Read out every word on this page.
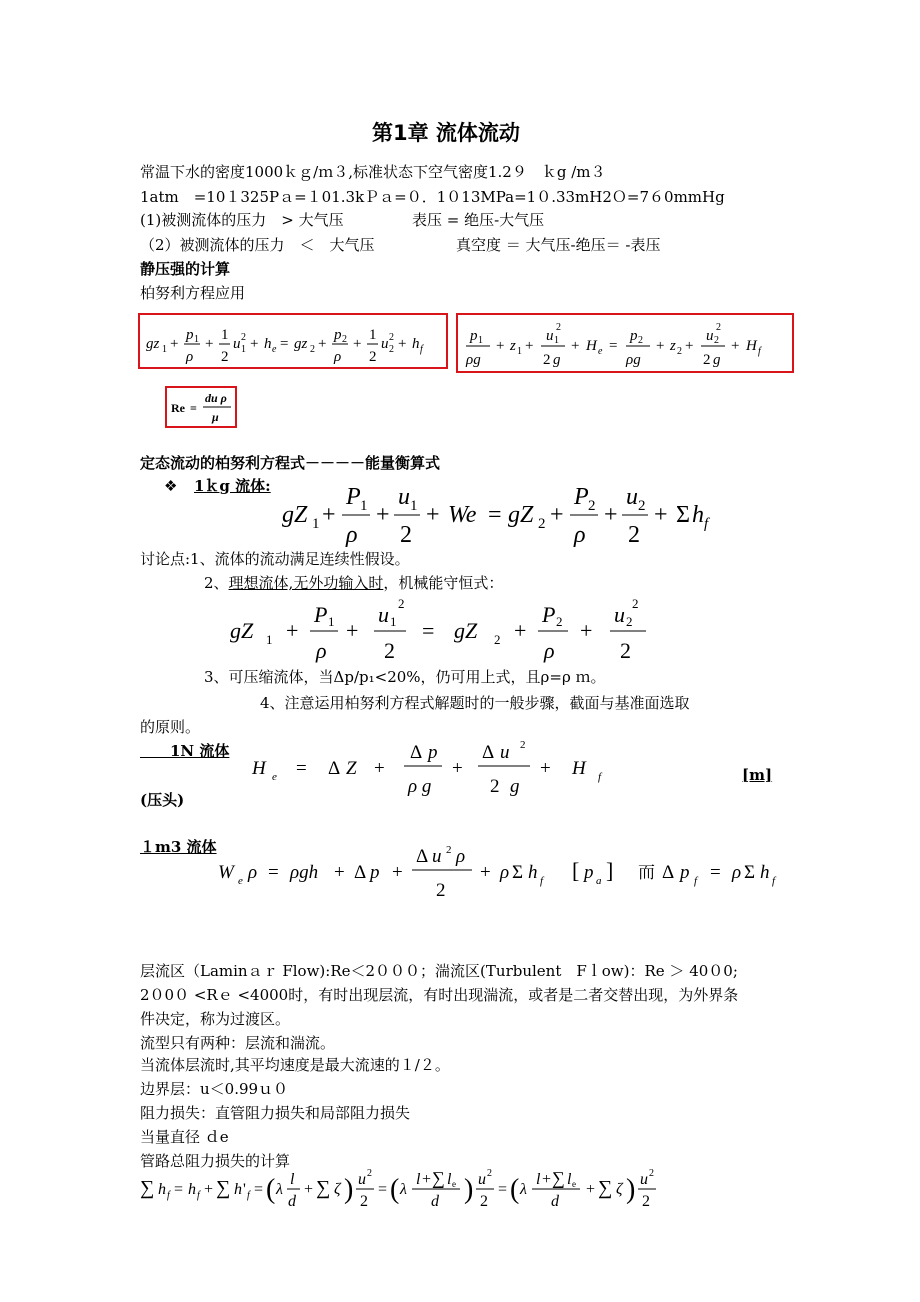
第1章 流体流动
常温下水的密度1000ｋｇ/ｍ３,标准状态下空气密度1.2９　ｋg /m３
1atm　=10１325Pａ=１01.3kＰａ=０．1０13MPa=1０.33mH2Ｏ=7６0mmHg
(1)被测流体的压力　> 大气压	表压 = 绝压-大气压
（2）被测流体的压力　＜　大气压	真空度 ＝ 大气压-绝压＝ -表压
静压强的计算
柏努利方程应用
gz 1 +
p 1
ρ
+
1
2
u 1
2 + h e = gz 2 +
p 2
ρ
+
1
2
u 2
2 + h f
p 1
ρg
+ z 1 +
u 1
2
2 g
+ H e =
p 2
ρg
+ z 2 +
u 2
2
2 g
+ H f
Re =
du ρ
μ
定态流动的柏努利方程式－－－－能量衡算式
❖ 1ｋg 流体:
gZ 1 +
P 1
ρ
+
u 1
2
+ We = gZ 2 +
P 2
ρ
+
u 2
2
+ Σ h f
讨论点:1、流体的流动满足连续性假设。
2、理想流体,无外功输入时，机械能守恒式：
gZ 1 +
P 1
ρ
+
u 1
2
2
= gZ 2 +
P 2
ρ
+
u 2
2
2
3、可压缩流体，当Δp/p₁<20%，仍可用上式，且ρ=ρ ｍ。
4、注意运用柏努利方程式解题时的一般步骤，截面与基准面选取
的原则。
　　1N 流体
H e = Δ Z +
Δ p
ρ g
+
Δ u 2
2 g
+ H f	[m]
(压头)
１m3 流体
W e ρ = ρgh + Δ p +
Δ u 2 ρ
2
+ ρ Σ h f [ p a ] 而 Δ p f = ρ Σ h f
层流区（Laminａｒ Flow):Re＜2０００；湍流区(Turbulent　Fｌow)：Re ＞ 40０0;
2０0０ <Rｅ <4000时，有时出现层流，有时出现湍流，或者是二者交替出现，为外界条
件决定，称为过渡区。
流型只有两种：层流和湍流。
当流体层流时,其平均速度是最大流速的１/２。
边界层：u＜0.99ｕ０
阻力损失：直管阻力损失和局部阻力损失
当量直径 ｄe
管路总阻力损失的计算
∑ h f = h f + ∑ h ' f = ( λ
l
d
+ ∑ ζ ) u 2
2
= ( λ
l + ∑ l e
d ) u 2
2
= ( λ
l + ∑ l e
d
+ ∑ ζ ) u 2
2
